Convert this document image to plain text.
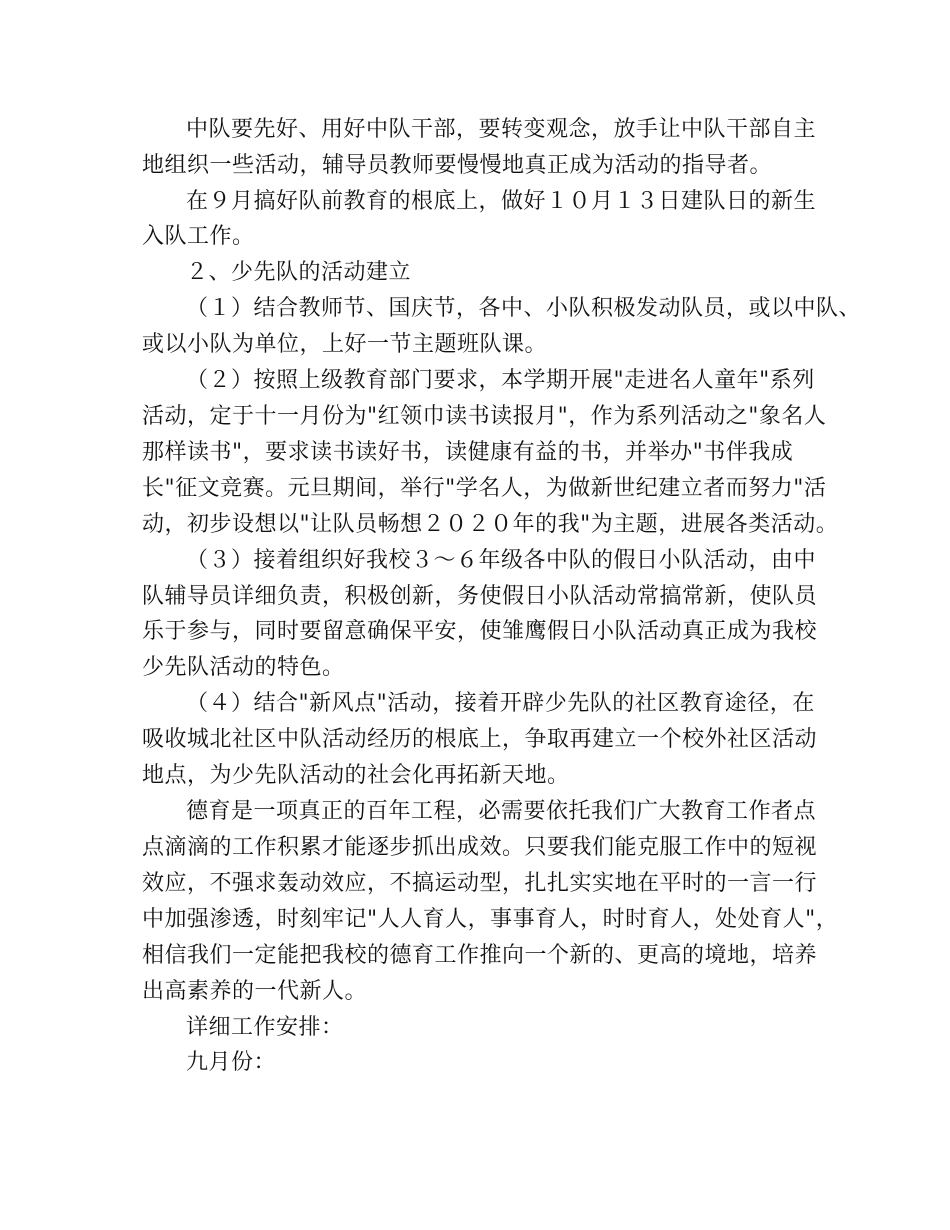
中队要先好、用好中队干部，要转变观念，放手让中队干部自主
地组织一些活动，辅导员教师要慢慢地真正成为活动的指导者。
在９月搞好队前教育的根底上，做好１０月１３日建队日的新生
入队工作。
２、少先队的活动建立
（１）结合教师节、国庆节，各中、小队积极发动队员，或以中队、
或以小队为单位，上好一节主题班队课。
（２）按照上级教育部门要求，本学期开展"走进名人童年"系列
活动，定于十一月份为"红领巾读书读报月"，作为系列活动之"象名人
那样读书"，要求读书读好书，读健康有益的书，并举办"书伴我成
长"征文竞赛。元旦期间，举行"学名人，为做新世纪建立者而努力"活
动，初步设想以"让队员畅想２０２０年的我"为主题，进展各类活动。
（３）接着组织好我校３～６年级各中队的假日小队活动，由中
队辅导员详细负责，积极创新，务使假日小队活动常搞常新，使队员
乐于参与，同时要留意确保平安，使雏鹰假日小队活动真正成为我校
少先队活动的特色。
（４）结合"新风点"活动，接着开辟少先队的社区教育途径，在
吸收城北社区中队活动经历的根底上，争取再建立一个校外社区活动
地点，为少先队活动的社会化再拓新天地。
德育是一项真正的百年工程，必需要依托我们广大教育工作者点
点滴滴的工作积累才能逐步抓出成效。只要我们能克服工作中的短视
效应，不强求轰动效应，不搞运动型，扎扎实实地在平时的一言一行
中加强渗透，时刻牢记"人人育人，事事育人，时时育人，处处育人"，
相信我们一定能把我校的德育工作推向一个新的、更高的境地，培养
出高素养的一代新人。
详细工作安排：
九月份：
